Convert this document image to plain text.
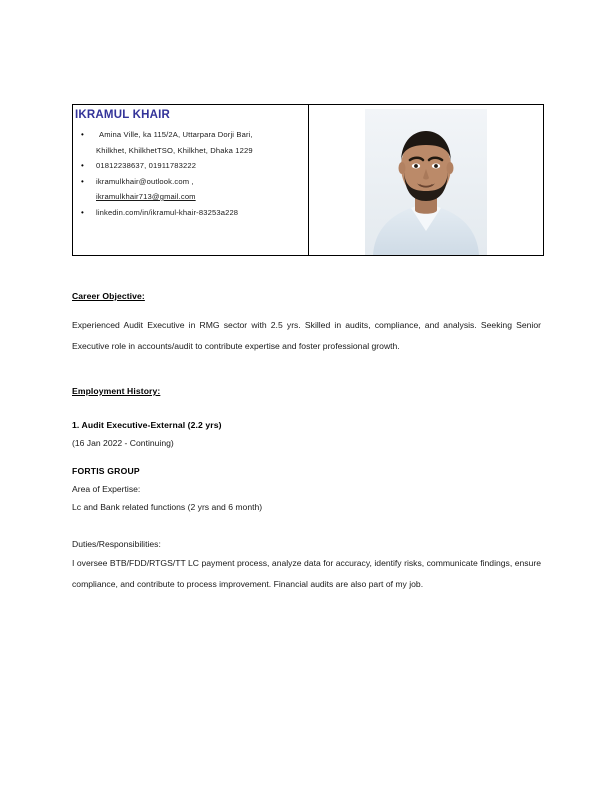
IKRAMUL KHAIR
• Amina Ville, ka 115/2A, Uttarpara Dorji Bari,
Khilkhet, KhilkhetTSO, Khilkhet, Dhaka 1229
• 01812238637, 01911783222
• ikramulkhair@outlook.com ,
ikramulkhair713@gmail.com
• linkedin.com/in/ikramul-khair-83253a228

Career Objective:

Experienced Audit Executive in RMG sector with 2.5 yrs. Skilled in audits, compliance, and analysis. Seeking Senior Executive role in accounts/audit to contribute expertise and foster professional growth.

Employment History:

1. Audit Executive-External (2.2 yrs)

(16 Jan 2022 - Continuing)

FORTIS GROUP

Area of Expertise:

Lc and Bank related functions (2 yrs and 6 month)

Duties/Responsibilities:

I oversee BTB/FDD/RTGS/TT LC payment process, analyze data for accuracy, identify risks, communicate findings, ensure compliance, and contribute to process improvement. Financial audits are also part of my job.
